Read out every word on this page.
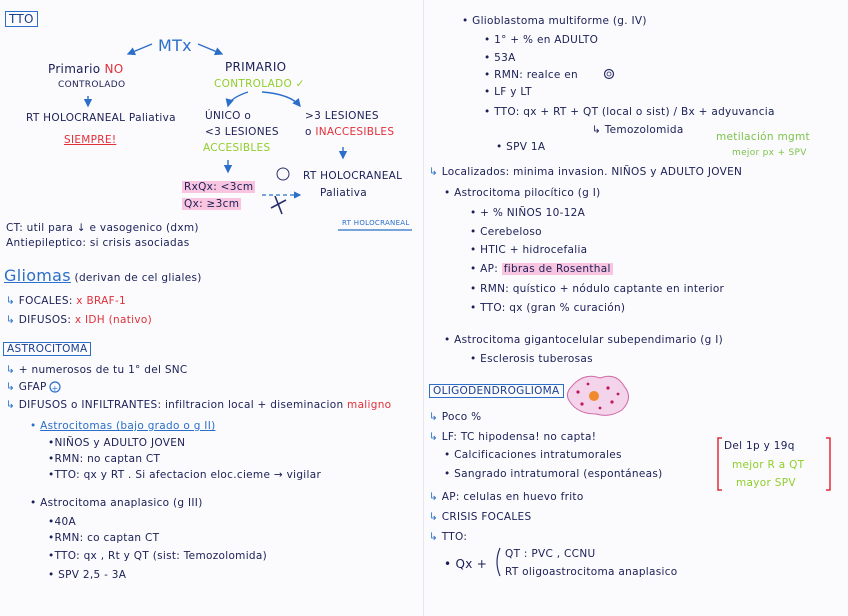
+
TTO
MTx
Primario NO
CONTROLADO
PRIMARIO
CONTROLADO ✓
RT HOLOCRANEAL Paliativa
SIEMPRE!
ÚNICO o
<3 LESIONES
ACCESIBLES
>3 LESIONES
o INACCESIBLES
RT HOLOCRANEAL
Paliativa
RxQx: <3cm
Qx: ≥3cm
RT HOLOCRANEAL
CT: util para ↓ e vasogenico (dxm)
Antiepileptico: si crisis asociadas
Gliomas (derivan de cel gliales)
↳ FOCALES: x BRAF-1
↳ DIFUSOS: x IDH (nativo)
ASTROCITOMA
↳ + numerosos de tu 1° del SNC
↳ GFAP
↳ DIFUSOS o INFILTRANTES: infiltracion local + diseminacion maligno
• Astrocitomas (bajo grado o g II)
•NIÑOS y ADULTO JOVEN
•RMN: no captan CT
•TTO: qx y RT . Si afectacion eloc.cieme → vigilar
• Astrocitoma anaplasico (g III)
•40A
•RMN: co captan CT
•TTO: qx , Rt y QT (sist: Temozolomida)
• SPV 2,5 - 3A
• Glioblastoma multiforme (g. IV)
• 1° + % en ADULTO
• 53A
• RMN: realce en
• LF y LT
• TTO: qx + RT + QT (local o sist) / Bx + adyuvancia
↳ Temozolomida
metilación mgmt
mejor px + SPV
• SPV 1A
↳ Localizados: minima invasion. NIÑOS y ADULTO JOVEN
• Astrocitoma pilocítico (g I)
• + % NIÑOS 10-12A
• Cerebeloso
• HTIC + hidrocefalia
• AP: fibras de Rosenthal
• RMN: quístico + nódulo captante en interior
• TTO: qx (gran % curación)
• Astrocitoma gigantocelular subependimario (g I)
• Esclerosis tuberosas
OLIGODENDROGLIOMA
↳ Poco %
↳ LF: TC hipodensa! no capta!
• Calcificaciones intratumorales
• Sangrado intratumoral (espontáneas)
Del 1p y 19q
mejor R a QT
mayor SPV
↳ AP: celulas en huevo frito
↳ CRISIS FOCALES
↳ TTO:
• Qx +
QT : PVC , CCNU
RT oligoastrocitoma anaplasico
